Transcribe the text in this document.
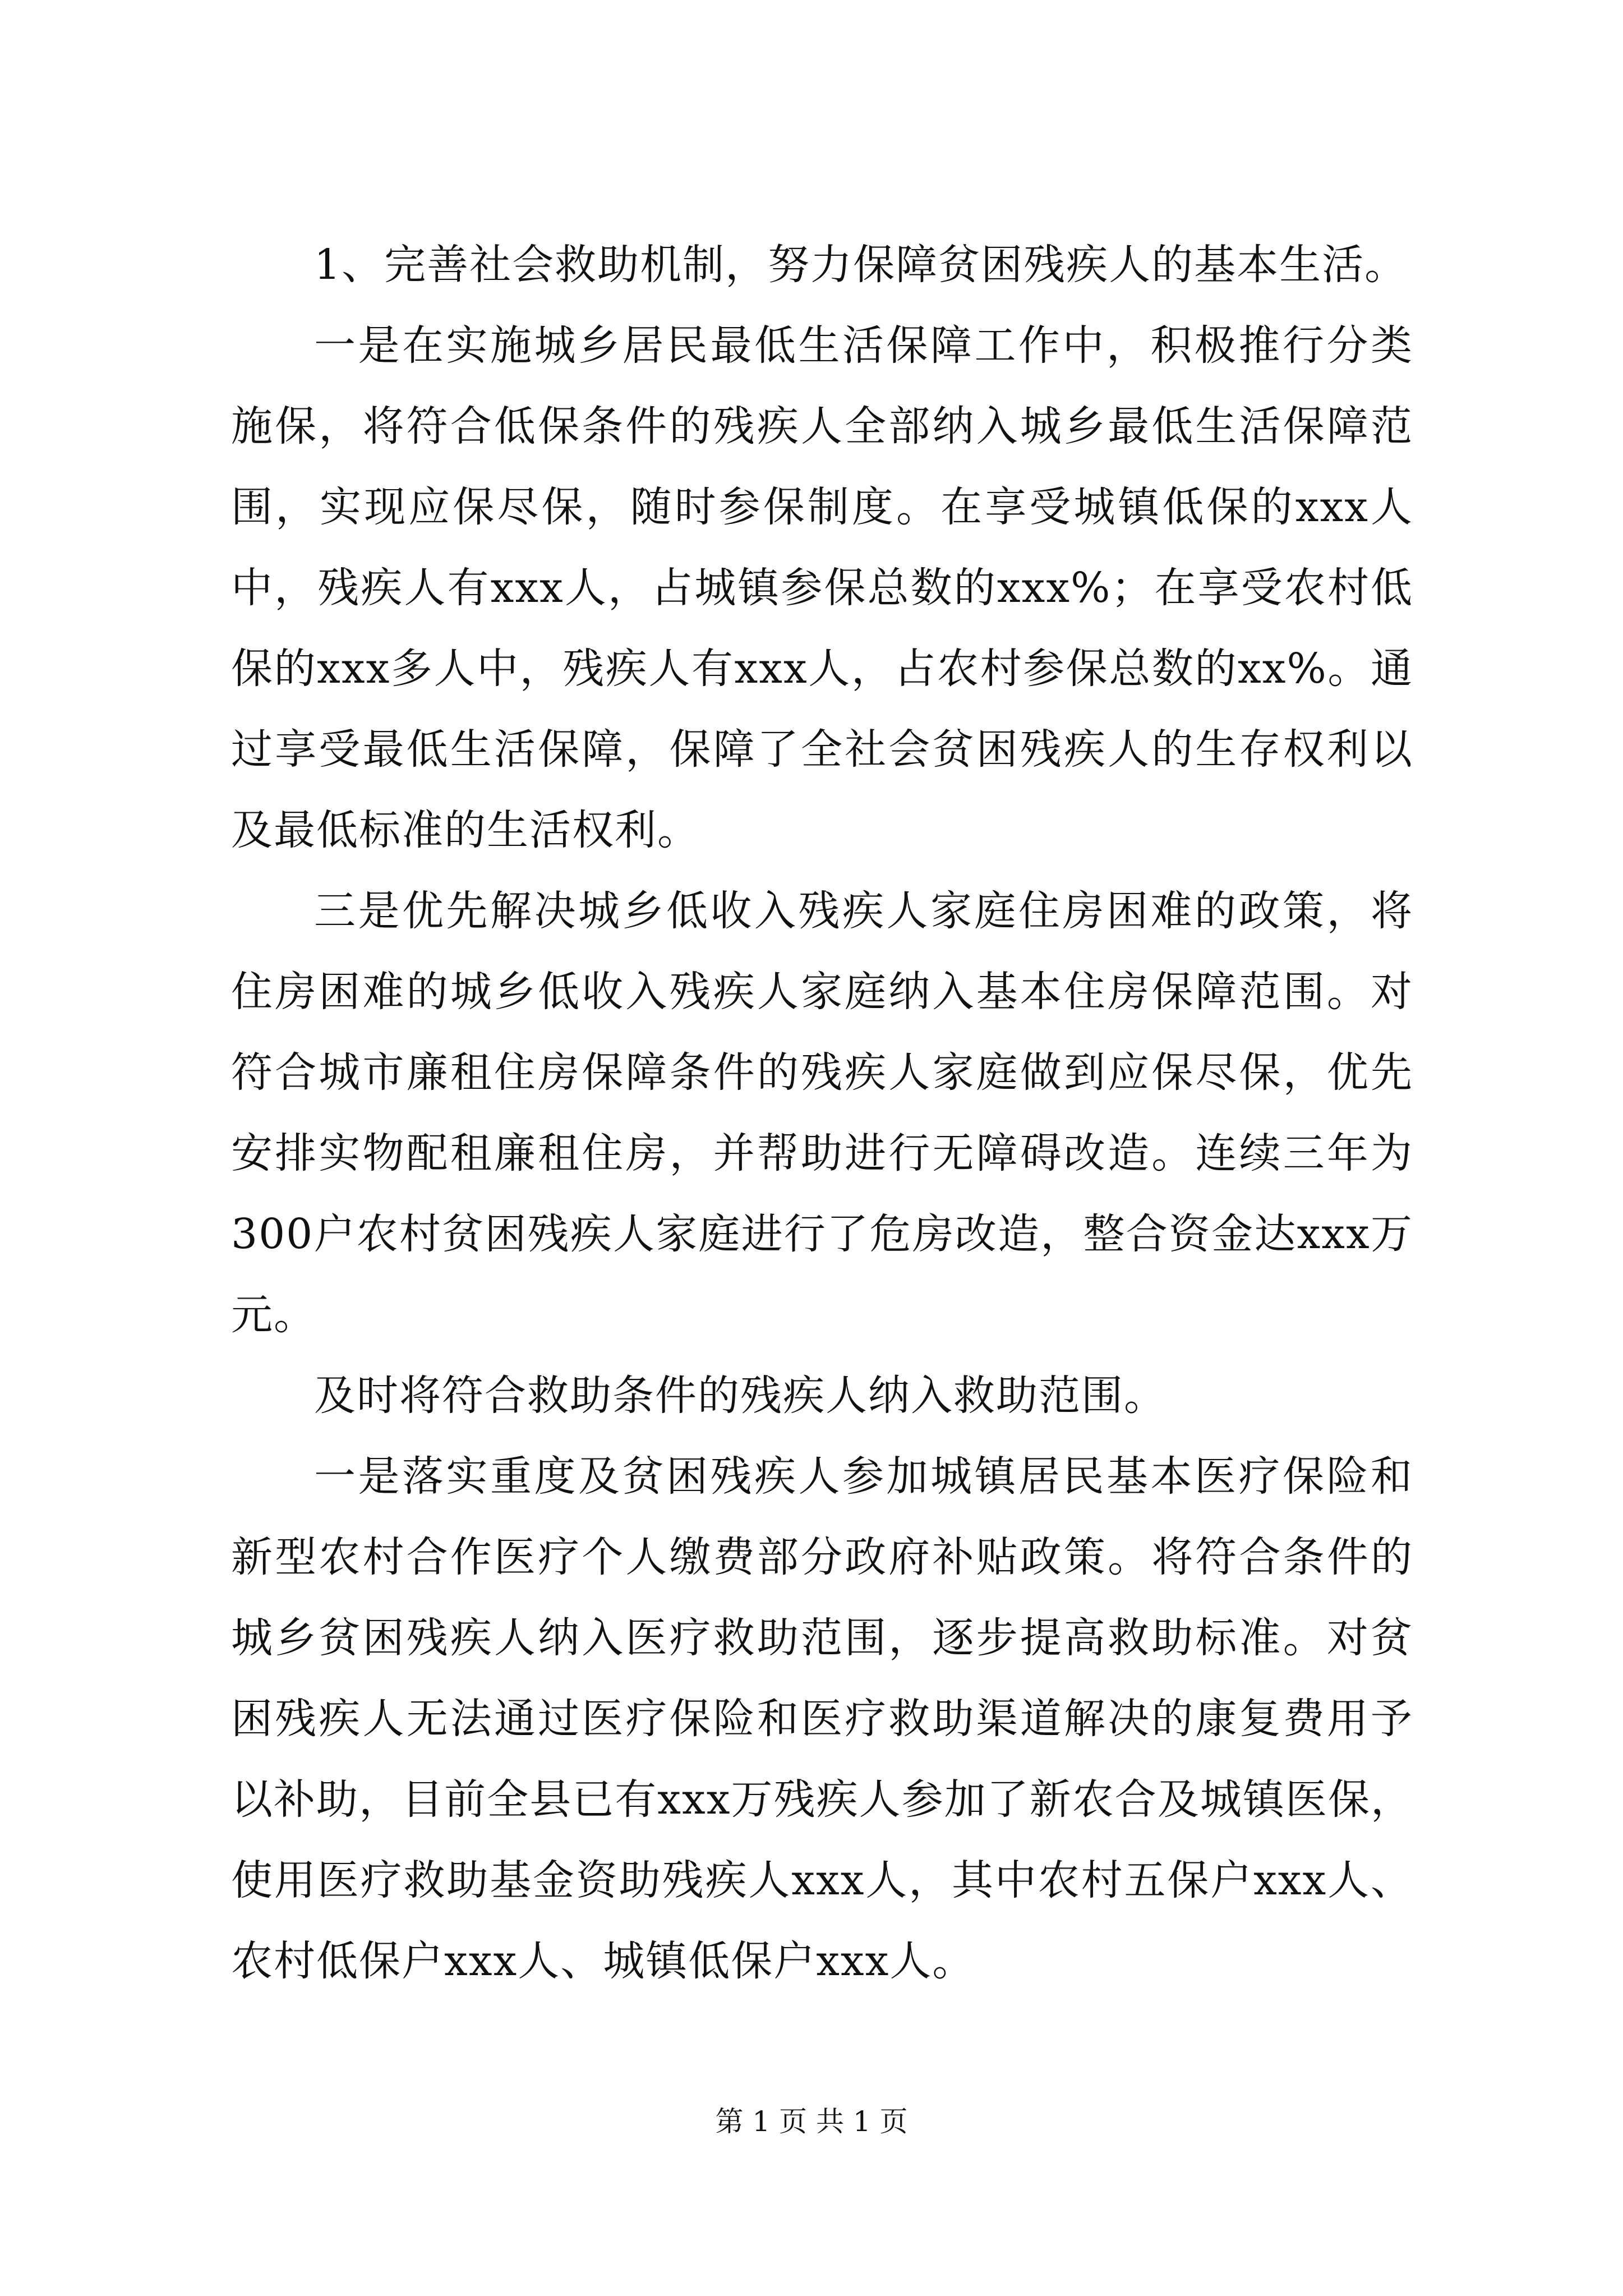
1、完善社会救助机制，努力保障贫困残疾人的基本生活。

一是在实施城乡居民最低生活保障工作中，积极推行分类施保，将符合低保条件的残疾人全部纳入城乡最低生活保障范围，实现应保尽保，随时参保制度。在享受城镇低保的xxx人中，残疾人有xxx人，占城镇参保总数的xxx%；在享受农村低保的xxx多人中，残疾人有xxx人，占农村参保总数的xx%。通过享受最低生活保障，保障了全社会贫困残疾人的生存权利以及最低标准的生活权利。

三是优先解决城乡低收入残疾人家庭住房困难的政策，将住房困难的城乡低收入残疾人家庭纳入基本住房保障范围。对符合城市廉租住房保障条件的残疾人家庭做到应保尽保，优先安排实物配租廉租住房，并帮助进行无障碍改造。连续三年为300户农村贫困残疾人家庭进行了危房改造，整合资金达xxx万元。

及时将符合救助条件的残疾人纳入救助范围。

一是落实重度及贫困残疾人参加城镇居民基本医疗保险和新型农村合作医疗个人缴费部分政府补贴政策。将符合条件的城乡贫困残疾人纳入医疗救助范围，逐步提高救助标准。对贫困残疾人无法通过医疗保险和医疗救助渠道解决的康复费用予以补助，目前全县已有xxx万残疾人参加了新农合及城镇医保，使用医疗救助基金资助残疾人xxx人，其中农村五保户xxx人、农村低保户xxx人、城镇低保户xxx人。

第 1 页 共 1 页
